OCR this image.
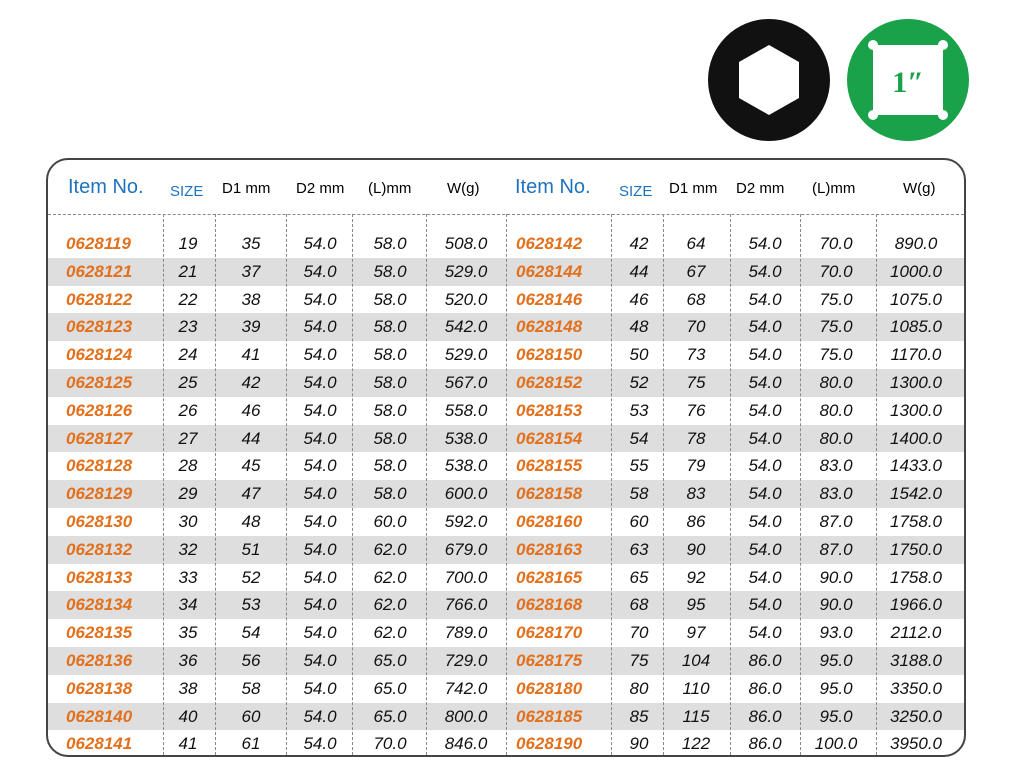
1″
Item No. SIZE D1 mm D2 mm (L)mm W(g) Item No. SIZE D1 mm D2 mm (L)mm	W(g)
0628119	19	35	54.0 58.0 508.0 0628142	42 64	54.0 70.0 890.0
0628121	21	37	54.0 58.0 529.0 0628144	44 67	54.0 70.0 1000.0
0628122	22	38	54.0 58.0 520.0 0628146	46 68	54.0 75.0 1075.0
0628123	23	39	54.0 58.0 542.0 0628148	48 70	54.0 75.0 1085.0
0628124	24	41	54.0 58.0 529.0 0628150	50 73	54.0 75.0 1170.0
0628125	25	42	54.0 58.0 567.0 0628152	52 75	54.0 80.0 1300.0
0628126	26	46	54.0 58.0 558.0 0628153	53 76	54.0 80.0 1300.0
0628127	27	44	54.0 58.0 538.0 0628154	54 78	54.0 80.0 1400.0
0628128	28	45	54.0 58.0 538.0 0628155	55 79	54.0 83.0 1433.0
0628129	29	47	54.0 58.0 600.0 0628158	58 83	54.0 83.0 1542.0
0628130	30	48	54.0 60.0 592.0 0628160	60 86	54.0 87.0 1758.0
0628132	32	51	54.0 62.0 679.0 0628163	63 90	54.0 87.0 1750.0
0628133	33	52	54.0 62.0 700.0 0628165	65 92	54.0 90.0 1758.0
0628134	34	53	54.0 62.0 766.0 0628168	68 95	54.0 90.0 1966.0
0628135	35	54	54.0 62.0 789.0 0628170	70 97	54.0 93.0 2112.0
0628136	36	56	54.0 65.0 729.0 0628175	75 104 86.0 95.0 3188.0
0628138	38	58	54.0 65.0 742.0 0628180	80 110 86.0 95.0 3350.0
0628140	40	60	54.0 65.0 800.0 0628185	85 115 86.0 95.0 3250.0
0628141	41	61	54.0 70.0 846.0 0628190	90 122 86.0 100.0 3950.0
